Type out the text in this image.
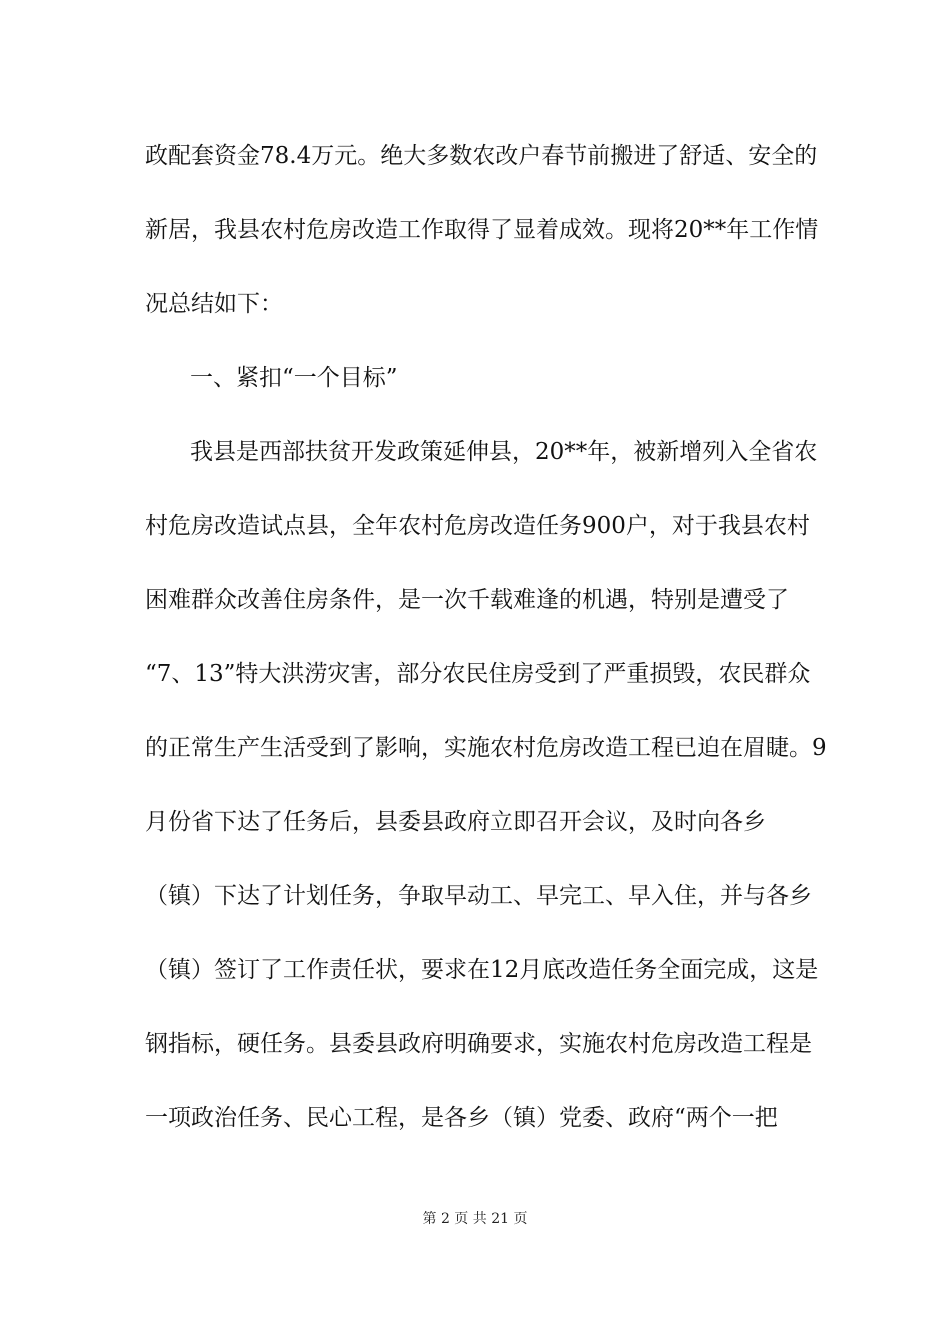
政配套资金78.4万元。绝大多数农改户春节前搬进了舒适、安全的
新居，我县农村危房改造工作取得了显着成效。现将20**年工作情
况总结如下：
一、紧扣“一个目标”
我县是西部扶贫开发政策延伸县，20**年，被新增列入全省农
村危房改造试点县，全年农村危房改造任务900户，对于我县农村
困难群众改善住房条件，是一次千载难逢的机遇，特别是遭受了
“7、13”特大洪涝灾害，部分农民住房受到了严重损毁，农民群众
的正常生产生活受到了影响，实施农村危房改造工程已迫在眉睫。9
月份省下达了任务后，县委县政府立即召开会议，及时向各乡
（镇）下达了计划任务，争取早动工、早完工、早入住，并与各乡
（镇）签订了工作责任状，要求在12月底改造任务全面完成，这是
钢指标，硬任务。县委县政府明确要求，实施农村危房改造工程是
一项政治任务、民心工程，是各乡（镇）党委、政府“两个一把
第 2 页 共 21 页
